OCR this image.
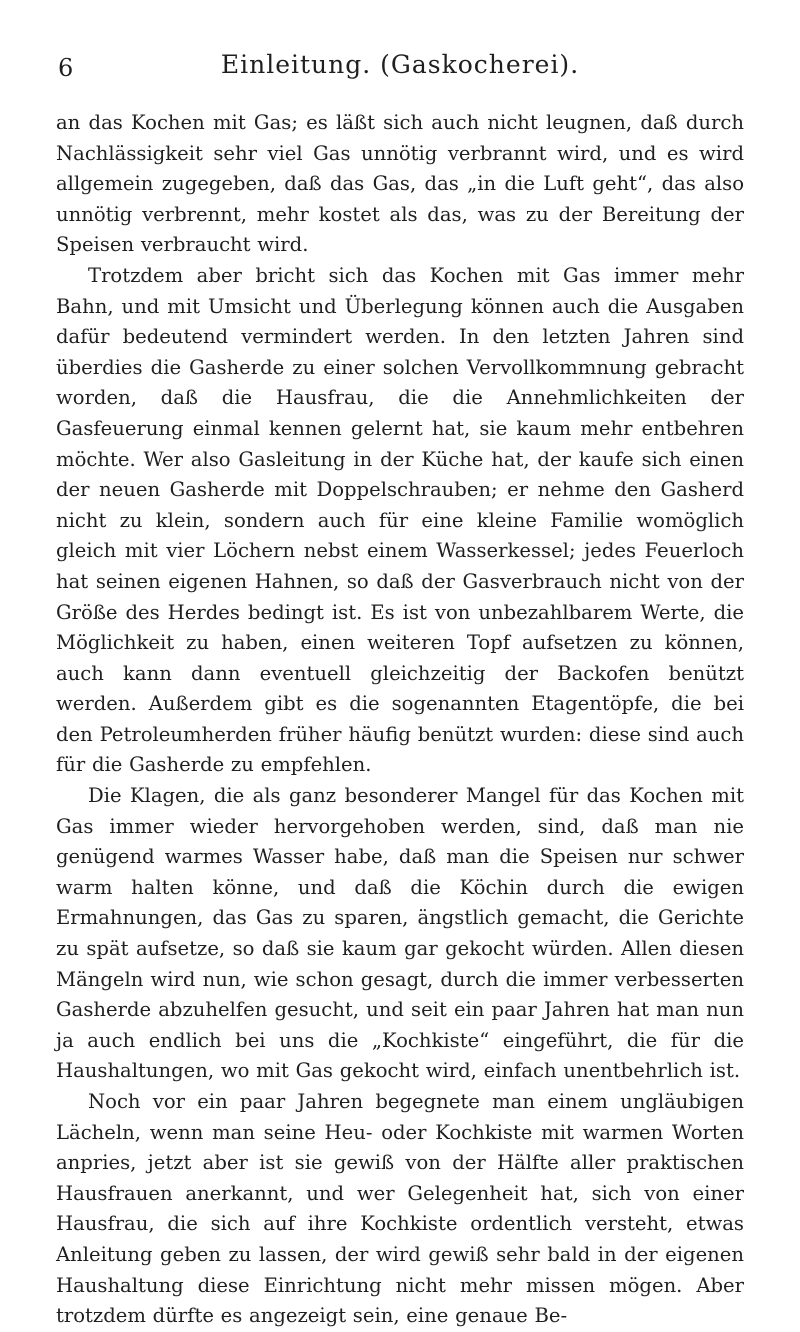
6	Einleitung. (Gaskocherei).

an das Kochen mit Gas; es läßt sich auch nicht leugnen, daß durch Nachlässigkeit sehr viel Gas unnötig verbrannt wird, und es wird allgemein zugegeben, daß das Gas, das „in die Luft geht“, das also unnötig verbrennt, mehr kostet als das, was zu der Bereitung der Speisen verbraucht wird.

Trotzdem aber bricht sich das Kochen mit Gas immer mehr Bahn, und mit Umsicht und Überlegung können auch die Ausgaben dafür bedeutend vermindert werden. In den letzten Jahren sind überdies die Gasherde zu einer solchen Vervollkommnung gebracht worden, daß die Hausfrau, die die Annehmlichkeiten der Gasfeuerung einmal kennen gelernt hat, sie kaum mehr entbehren möchte. Wer also Gasleitung in der Küche hat, der kaufe sich einen der neuen Gasherde mit Doppelschrauben; er nehme den Gasherd nicht zu klein, sondern auch für eine kleine Familie womöglich gleich mit vier Löchern nebst einem Wasserkessel; jedes Feuerloch hat seinen eigenen Hahnen, so daß der Gasverbrauch nicht von der Größe des Herdes bedingt ist. Es ist von unbezahlbarem Werte, die Möglichkeit zu haben, einen weiteren Topf aufsetzen zu können, auch kann dann eventuell gleichzeitig der Backofen benützt werden. Außerdem gibt es die sogenannten Etagentöpfe, die bei den Petroleumherden früher häufig benützt wurden: diese sind auch für die Gasherde zu empfehlen.

Die Klagen, die als ganz besonderer Mangel für das Kochen mit Gas immer wieder hervorgehoben werden, sind, daß man nie genügend warmes Wasser habe, daß man die Speisen nur schwer warm halten könne, und daß die Köchin durch die ewigen Ermahnungen, das Gas zu sparen, ängstlich gemacht, die Gerichte zu spät aufsetze, so daß sie kaum gar gekocht würden. Allen diesen Mängeln wird nun, wie schon gesagt, durch die immer verbesserten Gasherde abzuhelfen gesucht, und seit ein paar Jahren hat man nun ja auch endlich bei uns die „Kochkiste“ eingeführt, die für die Haushaltungen, wo mit Gas gekocht wird, einfach unentbehrlich ist.

Noch vor ein paar Jahren begegnete man einem ungläubigen Lächeln, wenn man seine Heu- oder Kochkiste mit warmen Worten anpries, jetzt aber ist sie gewiß von der Hälfte aller praktischen Hausfrauen anerkannt, und wer Gelegenheit hat, sich von einer Hausfrau, die sich auf ihre Kochkiste ordentlich versteht, etwas Anleitung geben zu lassen, der wird gewiß sehr bald in der eigenen Haushaltung diese Einrichtung nicht mehr missen mögen. Aber trotzdem dürfte es angezeigt sein, eine genaue Be-
